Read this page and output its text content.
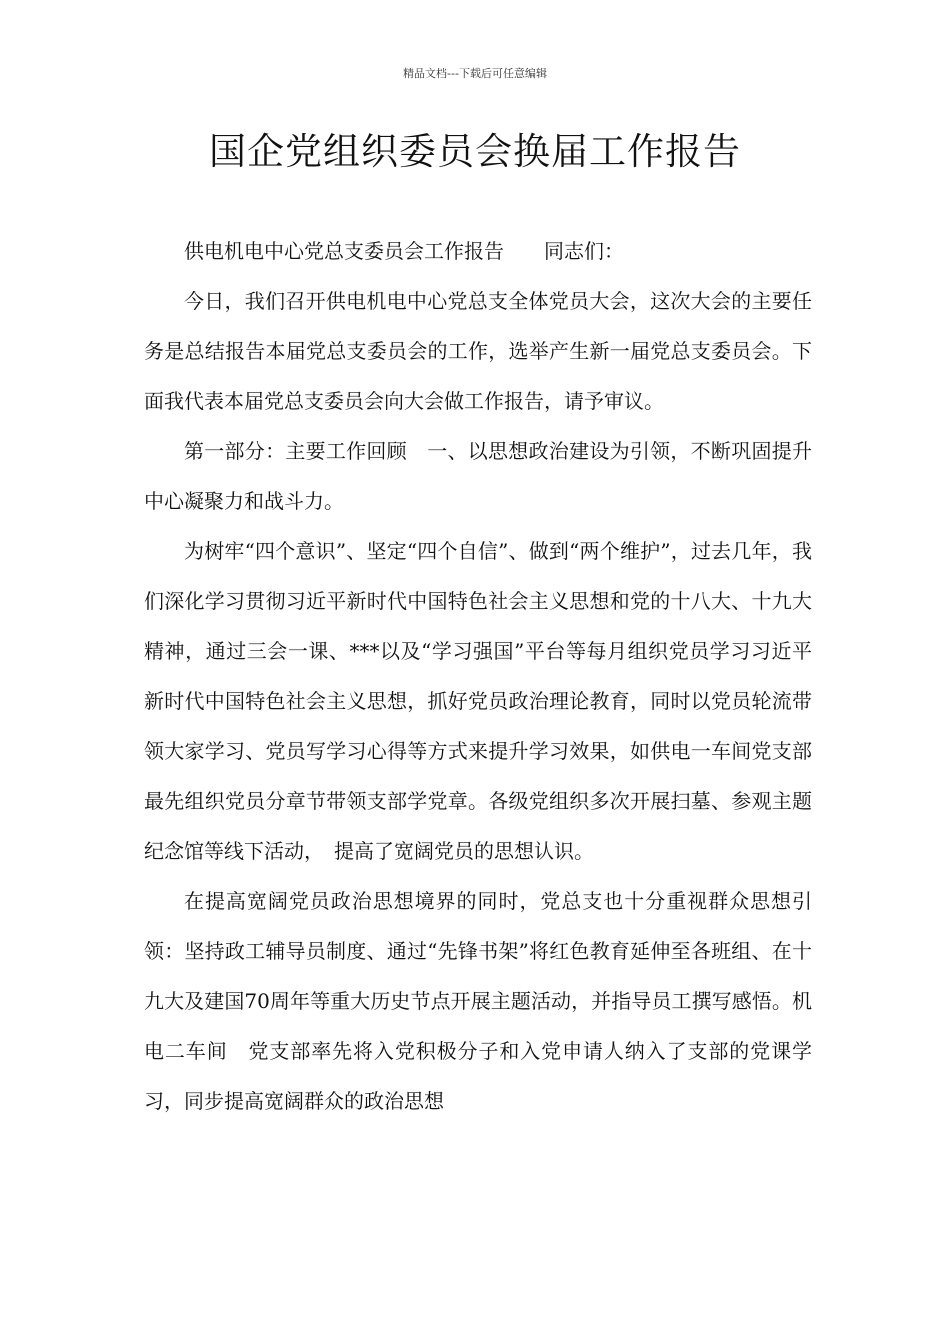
精品文档---下载后可任意编辑
国企党组织委员会换届工作报告

供电机电中心党总支委员会工作报告 同志们：

今日，我们召开供电机电中心党总支全体党员大会，这次大会的主要任务是总结报告本届党总支委员会的工作，选举产生新一届党总支委员会。下面我代表本届党总支委员会向大会做工作报告，请予审议。

第一部分：主要工作回顾　一、以思想政治建设为引领，不断巩固提升中心凝聚力和战斗力。

为树牢“四个意识”、坚定“四个自信”、做到“两个维护”，过去几年，我们深化学习贯彻习近平新时代中国特色社会主义思想和党的十八大、十九大精神，通过三会一课、***以及“学习强国”平台等每月组织党员学习习近平新时代中国特色社会主义思想，抓好党员政治理论教育，同时以党员轮流带领大家学习、党员写学习心得等方式来提升学习效果，如供电一车间党支部最先组织党员分章节带领支部学党章。各级党组织多次开展扫墓、参观主题纪念馆等线下活动，　提高了宽阔党员的思想认识。

在提高宽阔党员政治思想境界的同时，党总支也十分重视群众思想引领：坚持政工辅导员制度、通过“先锋书架”将红色教育延伸至各班组、在十九大及建国70周年等重大历史节点开展主题活动，并指导员工撰写感悟。机电二车间　党支部率先将入党积极分子和入党申请人纳入了支部的党课学习，同步提高宽阔群众的政治思想
